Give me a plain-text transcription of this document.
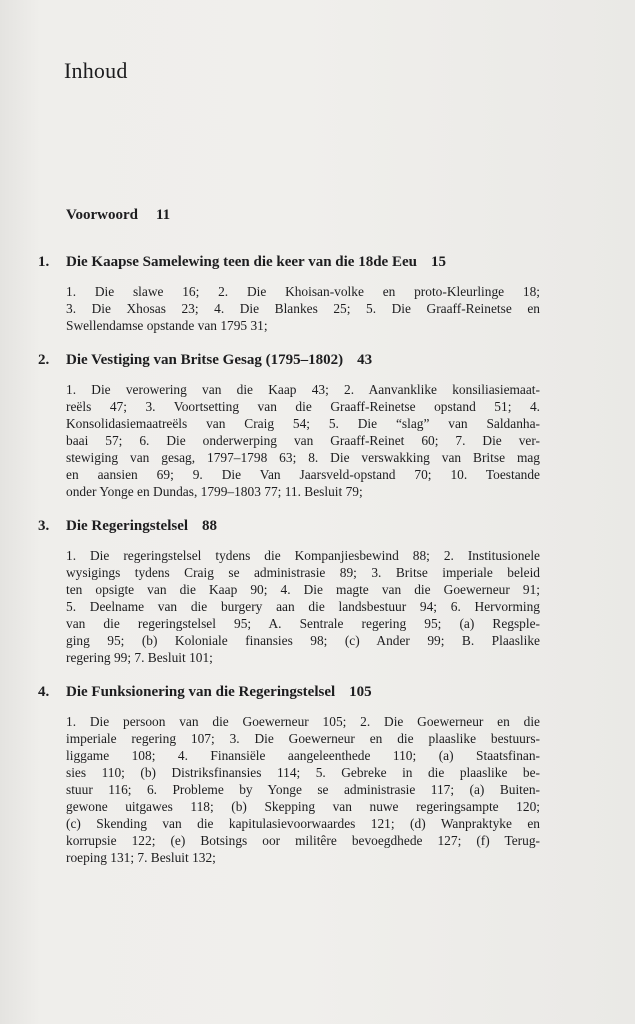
Inhoud
Voorwoord 11
1. Die Kaapse Samelewing teen die keer van die 18de Eeu 15
1. Die slawe 16; 2. Die Khoisan-volke en proto-Kleurlinge 18;
3. Die Xhosas 23; 4. Die Blankes 25; 5. Die Graaff-Reinetse en
Swellendamse opstande van 1795 31;
2. Die Vestiging van Britse Gesag (1795–1802) 43
1. Die verowering van die Kaap 43; 2. Aanvanklike konsiliasiemaat-
reëls 47; 3. Voortsetting van die Graaff-Reinetse opstand 51; 4.
Konsolidasiemaatreëls van Craig 54; 5. Die “slag” van Saldanha-
baai 57; 6. Die onderwerping van Graaff-Reinet 60; 7. Die ver-
stewiging van gesag, 1797–1798 63; 8. Die verswakking van Britse mag
en aansien 69; 9. Die Van Jaarsveld-opstand 70; 10. Toestande
onder Yonge en Dundas, 1799–1803 77; 11. Besluit 79;
3. Die Regeringstelsel 88
1. Die regeringstelsel tydens die Kompanjiesbewind 88; 2. Institusionele
wysigings tydens Craig se administrasie 89; 3. Britse imperiale beleid
ten opsigte van die Kaap 90; 4. Die magte van die Goewerneur 91;
5. Deelname van die burgery aan die landsbestuur 94; 6. Hervorming
van die regeringstelsel 95; A. Sentrale regering 95; (a) Regsple-
ging 95; (b) Koloniale finansies 98; (c) Ander 99; B. Plaaslike
regering 99; 7. Besluit 101;
4. Die Funksionering van die Regeringstelsel 105
1. Die persoon van die Goewerneur 105; 2. Die Goewerneur en die
imperiale regering 107; 3. Die Goewerneur en die plaaslike bestuurs-
liggame 108; 4. Finansiële aangeleenthede 110; (a) Staatsfinan-
sies 110; (b) Distriksfinansies 114; 5. Gebreke in die plaaslike be-
stuur 116; 6. Probleme by Yonge se administrasie 117; (a) Buiten-
gewone uitgawes 118; (b) Skepping van nuwe regeringsampte 120;
(c) Skending van die kapitulasievoorwaardes 121; (d) Wanpraktyke en
korrupsie 122; (e) Botsings oor militêre bevoegdhede 127; (f) Terug-
roeping 131; 7. Besluit 132;
